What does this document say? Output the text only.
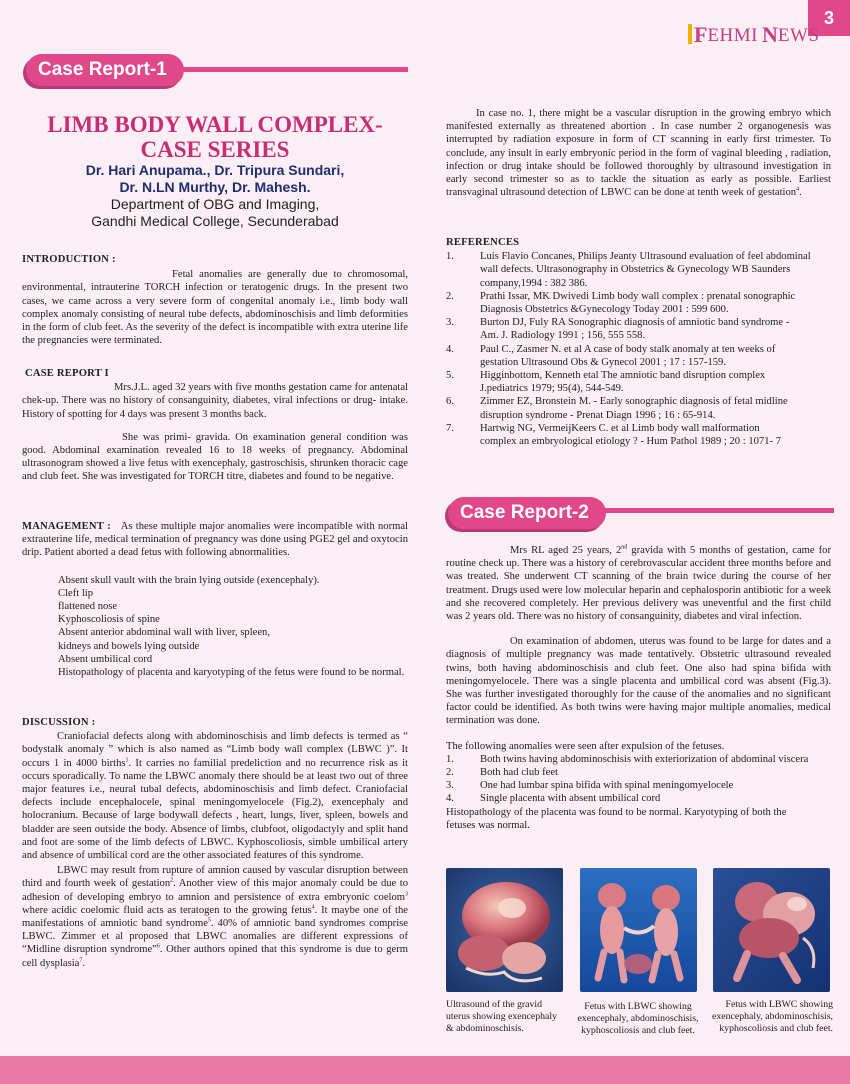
3
F EHMI N EWS
Case Report-1
LIMB BODY WALL COMPLEX-
CASE SERIES
Dr. Hari Anupama., Dr. Tripura Sundari,
Dr. N.LN Murthy, Dr. Mahesh.
Department of OBG and Imaging,
Gandhi Medical College, Secunderabad
INTRODUCTION :
Fetal anomalies are generally due to chromosomal, environmental, intrauterine TORCH infection or teratogenic drugs. In the present two cases, we came across a very severe form of congenital anomaly i.e., limb body wall complex anomaly consisting of neural tube defects, abdominoschisis and limb deformities in the form of club feet. As the severity of the defect is incompatible with extra uterine life the pregnancies were terminated.
CASE REPORT I
Mrs.J.L. aged 32 years with five months gestation came for antenatal chek-up. There was no history of consanguinity, diabetes, viral infections or drug- intake. History of spotting for 4 days was present 3 months back.
She was primi- gravida. On examination general condition was good. Abdominal examination revealed 16 to 18 weeks of pregnancy. Abdominal ultrasonogram showed a live fetus with exencephaly, gastroschisis, shrunken thoracic cage and club feet. She was investigated for TORCH titre, diabetes and found to be negative.
MANAGEMENT : As these multiple major anomalies were incompatible with normal extrauterine life, medical termination of pregnancy was done using PGE2 gel and oxytocin drip. Patient aborted a dead fetus with following abnormalities.
Absent skull vault with the brain lying outside (exencephaly).
Cleft lip
flattened nose
Kyphoscoliosis of spine
Absent anterior abdominal wall with liver, spleen,
kidneys and bowels lying outside
Absent umbilical cord
Histopathology of placenta and karyotyping of the fetus were found to be normal.
DISCUSSION :
Craniofacial defects along with abdominoschisis and limb defects is termed as “ bodystalk anomaly ” which is also named as “Limb body wall complex (LBWC )”. It occurs 1 in 4000 births$^1$. It carries no familial predeliction and no recurrence risk as it occurs sporadically. To name the LBWC anomaly there should be at least two out of three major features i.e., neural tubal defects, abdominoschisis and limb defect. Craniofacial defects include encephalocele, spinal meningomyelocele (Fig.2), exencephaly and holocranium. Because of large bodywall defects , heart, lungs, liver, spleen, bowels and bladder are seen outside the body. Absence of limbs, clubfoot, oligodactyly and split hand and foot are some of the limb defects of LBWC. Kyphoscoliosis, simble umbilical artery and absence of umbilical cord are the other associated features of this syndrome.
LBWC may result from rupture of amnion caused by vascular disruption between third and fourth week of gestation$^2$. Another view of this major anomaly could be due to adhesion of developing embryo to amnion and persistence of extra embryonic coelom$^3$ where acidic coelomic fluid acts as teratogen to the growing fetus$^4$. It maybe one of the manifestations of amniotic band syndrome$^5$. 40% of amniotic band syndromes comprise LBWC. Zimmer et al proposed that LBWC anomalies are different expressions of “Midline disruption syndrome”$^6$. Other authors opined that this syndrome is due to germ cell dysplasia$^7$.
In case no. 1, there might be a vascular disruption in the growing embryo which manifested externally as threatened abortion . In case number 2 organogenesis was interrupted by radiation exposure in form of CT scanning in early first trimester. To conclude, any insult in early embryonic period in the form of vaginal bleeding , radiation, infection or drug intake should be followed thoroughly by ultrasound investigation in early second trimester so as to tackle the situation as early as possible. Earliest transvaginal ultrasound detection of LBWC can be done at tenth week of gestation$^4$.
REFERENCES
1.	Luis Flavio Concanes, Philips Jeanty Ultrasound evaluation of feel abdominal wall defects. Ultrasonography in Obstetrics & Gynecology WB Saunders company,1994 : 382 386.
2.	Prathi Issar, MK Dwivedi Limb body wall complex : prenatal sonographic Diagnosis Obstetrics &Gynecology Today 2001 : 599 600.
3.	Burton DJ, Fuly RA Sonographic diagnosis of amniotic band syndrome - Am. J. Radiology 1991 ; 156, 555 558.
4.	Paul C., Zasmer N. et al A case of body stalk anomaly at ten weeks of gestation Ultrasound Obs & Gynecol 2001 ; 17 : 157-159.
5.	Higginbottom, Kenneth etal The amniotic band disruption complex J.pediatrics 1979; 95(4), 544-549.
6.	Zimmer EZ, Bronstein M. - Early sonographic diagnosis of fetal midline disruption syndrome - Prenat Diagn 1996 ; 16 : 65-914.
7.	Hartwig NG, VermeijKeers C. et al Limb body wall malformation complex an embryological etiology ? - Hum Pathol 1989 ; 20 : 1071- 7
Case Report-2
Mrs RL aged 25 years, 2nd gravida with 5 months of gestation, came for routine check up. There was a history of cerebrovascular accident three months before and was treated. She underwent CT scanning of the brain twice during the course of her treatment. Drugs used were low molecular heparin and cephalosporin antibiotic for a week and she recovered completely. Her previous delivery was uneventful and the first child was 2 years old. There was no history of consanguinity, diabetes and viral infection.
On examination of abdomen, uterus was found to be large for dates and a diagnosis of multiple pregnancy was made tentatively. Obstetric ultrasound revealed twins, both having abdominoschisis and club feet. One also had spina bifida with meningomyelocele. There was a single placenta and umbilical cord was absent (Fig.3). She was further investigated thoroughly for the cause of the anomalies and no significant factor could be identified. As both twins were having major multiple anomalies, medical termination was done.
The following anomalies were seen after expulsion of the fetuses.
1.	Both twins having abdominoschisis with exteriorization of abdominal viscera
2.	Both had club feet
3.	One had lumbar spina bifida with spinal meningomyelocele
4.	Single placenta with absent umbilical cord
Histopathology of the placenta was found to be normal. Karyotyping of both the fetuses was normal.
Ultrasound of the gravid uterus showing exencephaly & abdominoschisis.
Fetus with LBWC showing exencephaly, abdominoschisis, kyphoscoliosis and club feet.
Fetus with LBWC showing exencephaly, abdominoschisis, kyphoscoliosis and club feet.
